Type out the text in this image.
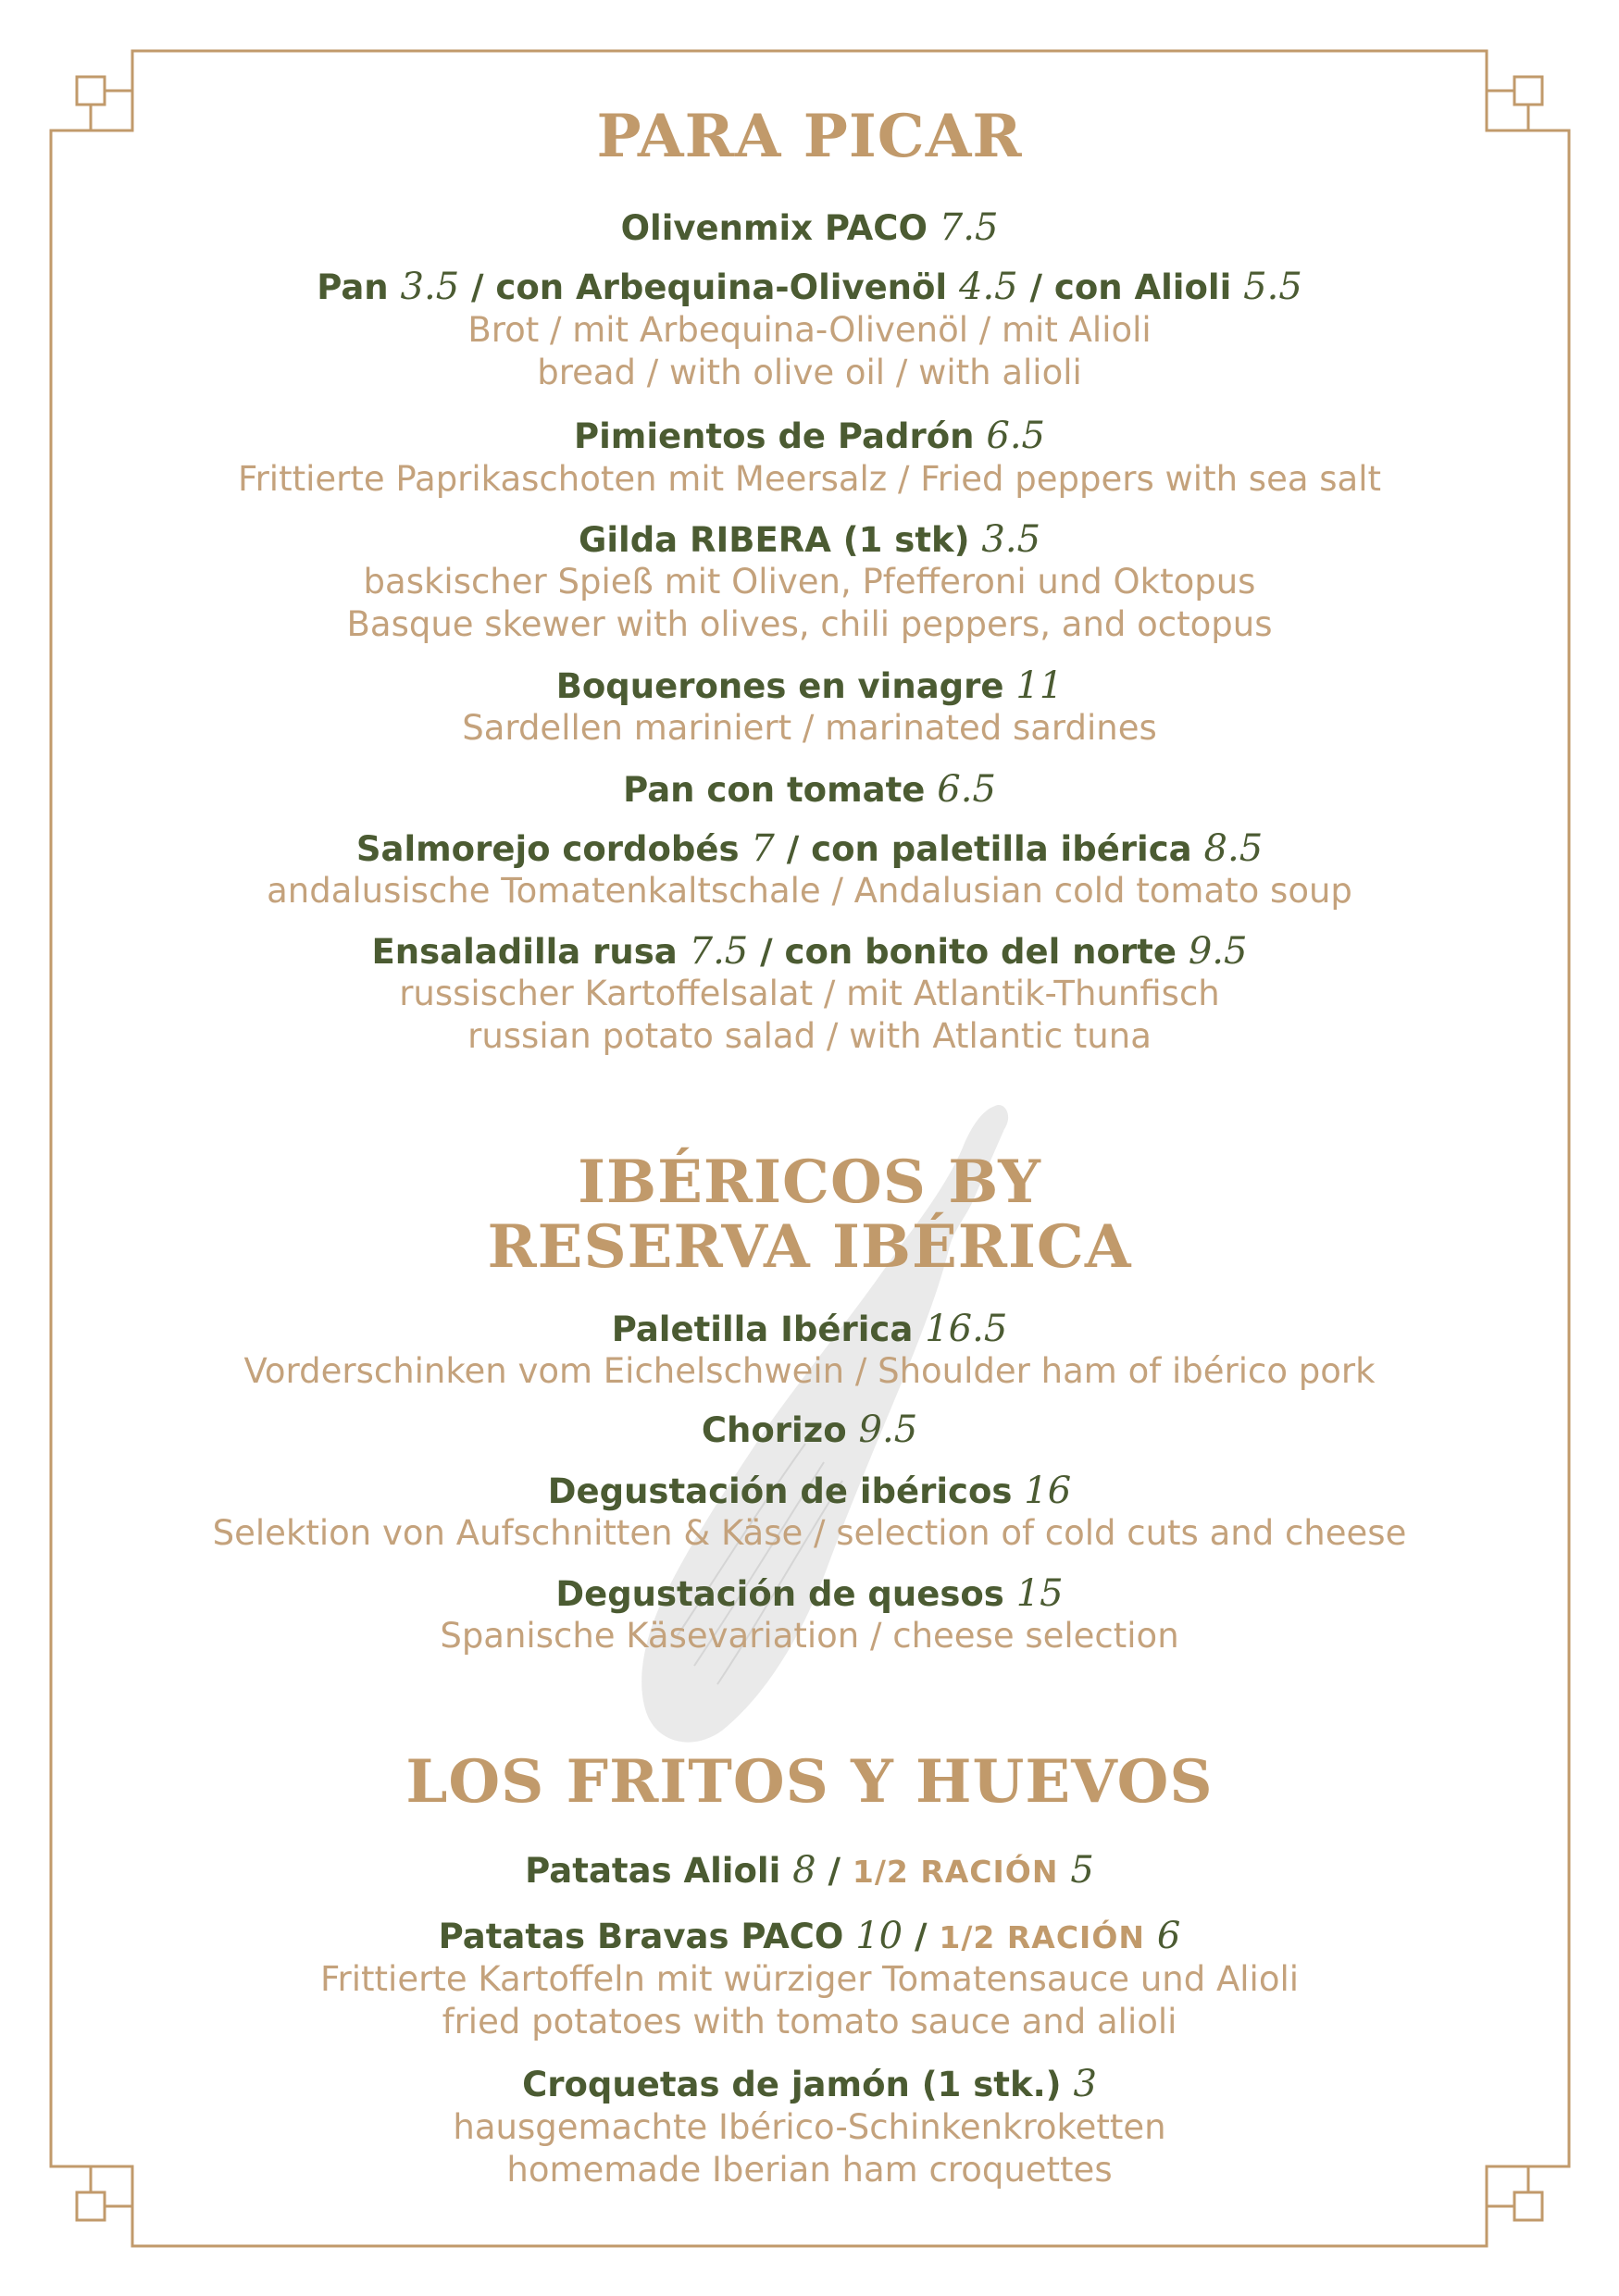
PARA PICAR
Olivenmix PACO 7.5
Pan 3.5 / con Arbequina-Olivenöl 4.5 / con Alioli 5.5
Brot / mit Arbequina-Olivenöl / mit Alioli
bread / with olive oil / with alioli
Pimientos de Padrón 6.5
Frittierte Paprikaschoten mit Meersalz / Fried peppers with sea salt
Gilda RIBERA (1 stk) 3.5
baskischer Spieß mit Oliven, Pfefferoni und Oktopus
Basque skewer with olives, chili peppers, and octopus
Boquerones en vinagre 11
Sardellen mariniert / marinated sardines
Pan con tomate 6.5
Salmorejo cordobés 7 / con paletilla ibérica 8.5
andalusische Tomatenkaltschale / Andalusian cold tomato soup
Ensaladilla rusa 7.5 / con bonito del norte 9.5
russischer Kartoffelsalat / mit Atlantik-Thunfisch
russian potato salad / with Atlantic tuna
IBÉRICOS BY
RESERVA IBÉRICA
Paletilla Ibérica 16.5
Vorderschinken vom Eichelschwein / Shoulder ham of ibérico pork
Chorizo 9.5
Degustación de ibéricos 16
Selektion von Aufschnitten & Käse / selection of cold cuts and cheese
Degustación de quesos 15
Spanische Käsevariation / cheese selection
LOS FRITOS Y HUEVOS
Patatas Alioli 8 / 1/2 RACIÓN 5
Patatas Bravas PACO 10 / 1/2 RACIÓN 6
Frittierte Kartoffeln mit würziger Tomatensauce und Alioli
fried potatoes with tomato sauce and alioli
Croquetas de jamón (1 stk.) 3
hausgemachte Ibérico-Schinkenkroketten
homemade Iberian ham croquettes
